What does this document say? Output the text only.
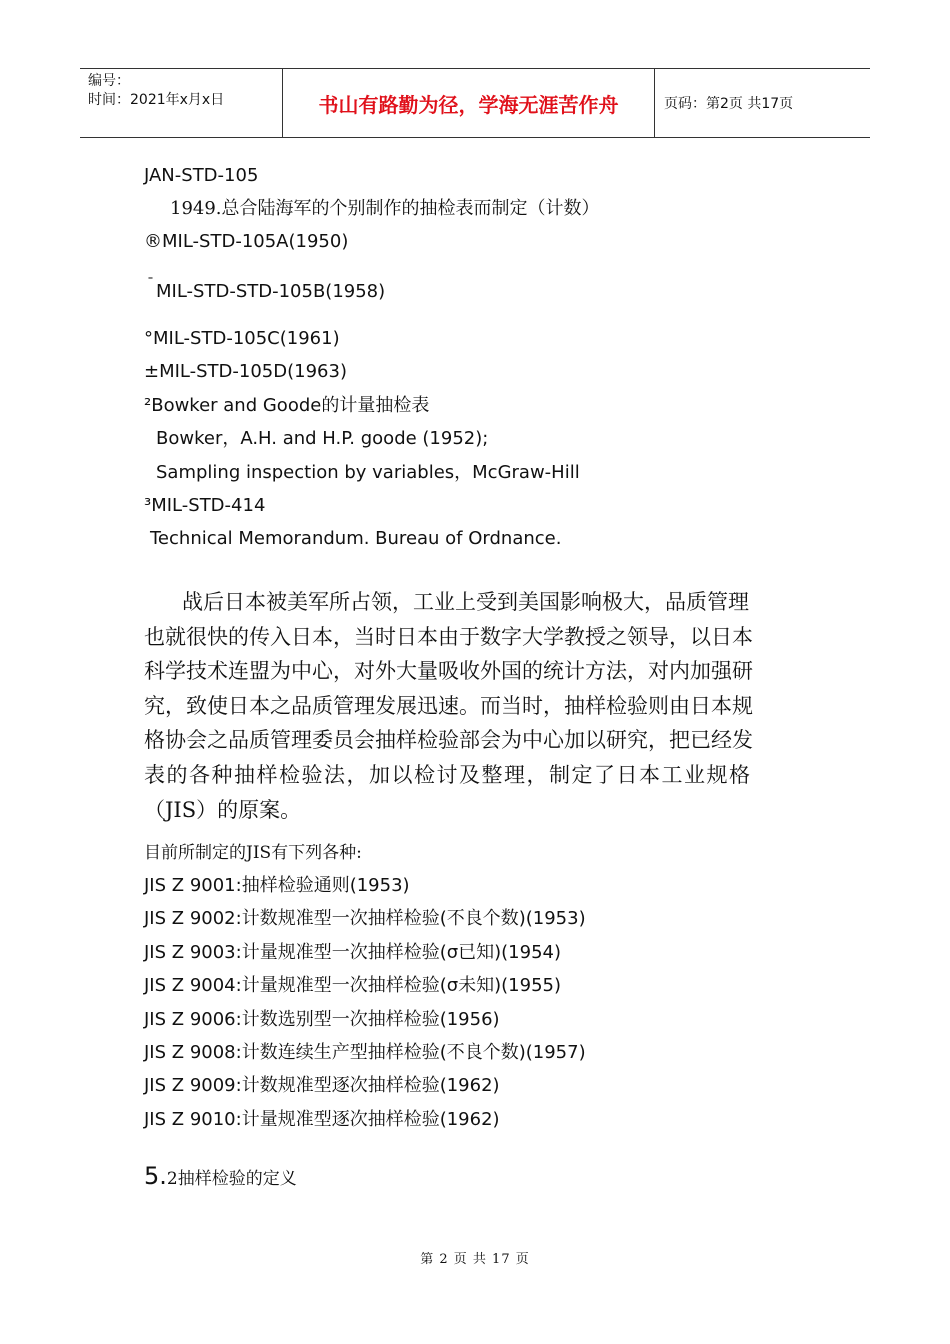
编号：
时间：2021年x月x日	书山有路勤为径，学海无涯苦作舟	页码：第2页 共17页
JAN-STD-105
1949.总合陆海军的个别制作的抽检表而制定（计数）
®MIL-STD-105A(1950)
¯ MIL-STD-STD-105B(1958)
°MIL-STD-105C(1961)
±MIL-STD-105D(1963)
²Bowker and Goode的计量抽检表
Bowker，A.H. and H.P. goode (1952);
Sampling inspection by variables，McGraw-Hill
³MIL-STD-414
Technical Memorandum. Bureau of Ordnance.
战后日本被美军所占领，工业上受到美国影响极大，品质管理
也就很快的传入日本，当时日本由于数字大学教授之领导，以日本
科学技术连盟为中心，对外大量吸收外国的统计方法，对内加强研
究，致使日本之品质管理发展迅速。而当时，抽样检验则由日本规
格协会之品质管理委员会抽样检验部会为中心加以研究，把已经发
表的各种抽样检验法，加以检讨及整理，制定了日本工业规格
（JIS）的原案。
目前所制定的JIS有下列各种:
JIS Z 9001:抽样检验通则(1953)
JIS Z 9002:计数规准型一次抽样检验(不良个数)(1953)
JIS Z 9003:计量规准型一次抽样检验(σ已知)(1954)
JIS Z 9004:计量规准型一次抽样检验(σ未知)(1955)
JIS Z 9006:计数选别型一次抽样检验(1956)
JIS Z 9008:计数连续生产型抽样检验(不良个数)(1957)
JIS Z 9009:计数规准型逐次抽样检验(1962)
JIS Z 9010:计量规准型逐次抽样检验(1962)
5.2抽样检验的定义
第 2 页 共 17 页
